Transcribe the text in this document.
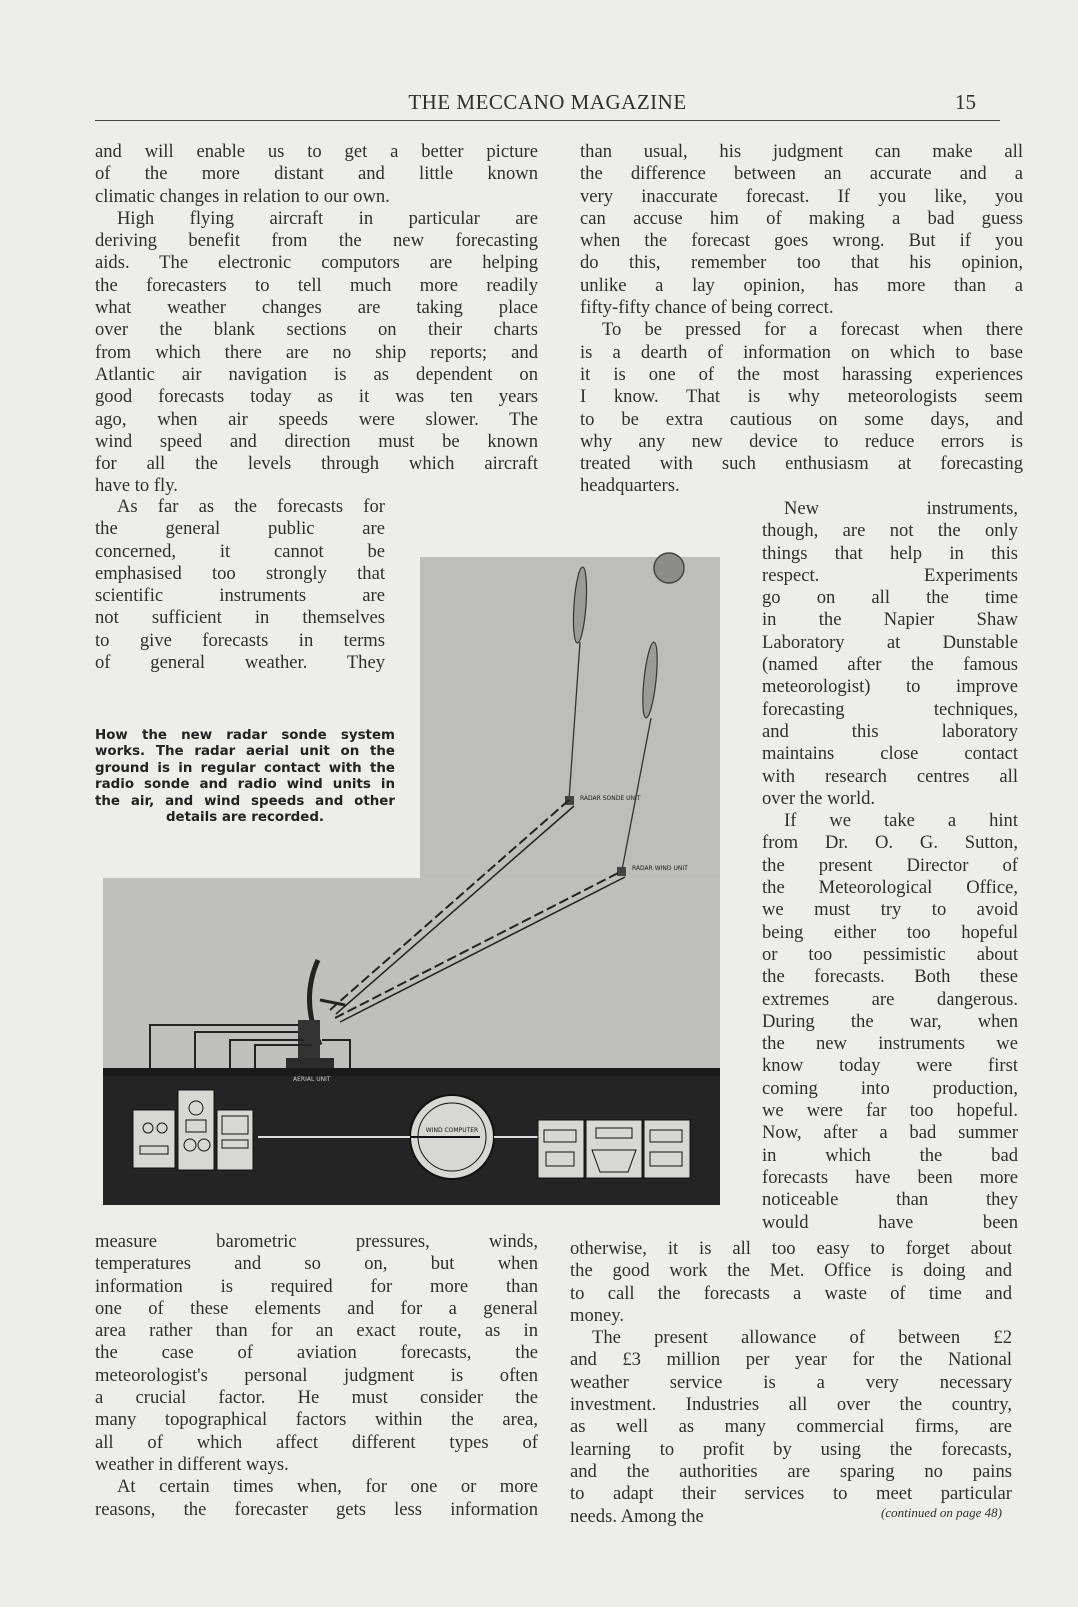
THE MECCANO MAGAZINE	15
RADAR SONDE UNIT
RADAR WIND UNIT
AERIAL UNIT
WIND COMPUTER
and will enable us to get a better picture
of the more distant and little known
climatic changes in relation to our own.
High flying aircraft in particular are
deriving benefit from the new forecasting
aids. The electronic computors are helping
the forecasters to tell much more readily
what weather changes are taking place
over the blank sections on their charts
from which there are no ship reports; and
Atlantic air navigation is as dependent on
good forecasts today as it was ten years
ago, when air speeds were slower. The
wind speed and direction must be known
for all the levels through which aircraft
have to fly.
As far as the forecasts for
the general public are
concerned, it cannot be
emphasised too strongly that
scientific instruments are
not sufficient in themselves
to give forecasts in terms
of general weather. They
How the new radar sonde system
works. The radar aerial unit on the
ground is in regular contact with the
radio sonde and radio wind units in
the air, and wind speeds and other
details are recorded.
measure barometric pressures, winds,
temperatures and so on, but when
information is required for more than
one of these elements and for a general
area rather than for an exact route, as in
the case of aviation forecasts, the
meteorologist's personal judgment is often
a crucial factor. He must consider the
many topographical factors within the area,
all of which affect different types of
weather in different ways.
At certain times when, for one or more
reasons, the forecaster gets less information
than usual, his judgment can make all
the difference between an accurate and a
very inaccurate forecast. If you like, you
can accuse him of making a bad guess
when the forecast goes wrong. But if you
do this, remember too that his opinion,
unlike a lay opinion, has more than a
fifty-fifty chance of being correct.
To be pressed for a forecast when there
is a dearth of information on which to base
it is one of the most harassing experiences
I know. That is why meteorologists seem
to be extra cautious on some days, and
why any new device to reduce errors is
treated with such enthusiasm at forecasting
headquarters.
New instruments,
though, are not the only
things that help in this
respect. Experiments
go on all the time
in the Napier Shaw
Laboratory at Dunstable
(named after the famous
meteorologist) to improve
forecasting techniques,
and this laboratory
maintains close contact
with research centres all
over the world.
If we take a hint
from Dr. O. G. Sutton,
the present Director of
the Meteorological Office,
we must try to avoid
being either too hopeful
or too pessimistic about
the forecasts. Both these
extremes are dangerous.
During the war, when
the new instruments we
know today were first
coming into production,
we were far too hopeful.
Now, after a bad summer
in which the bad
forecasts have been more
noticeable than they
would have been
otherwise, it is all too easy to forget about
the good work the Met. Office is doing and
to call the forecasts a waste of time and
money.
The present allowance of between £2
and £3 million per year for the National
weather service is a very necessary
investment. Industries all over the country,
as well as many commercial firms, are
learning to profit by using the forecasts,
and the authorities are sparing no pains
to adapt their services to meet particular
needs. Among the	(continued on page 48)
